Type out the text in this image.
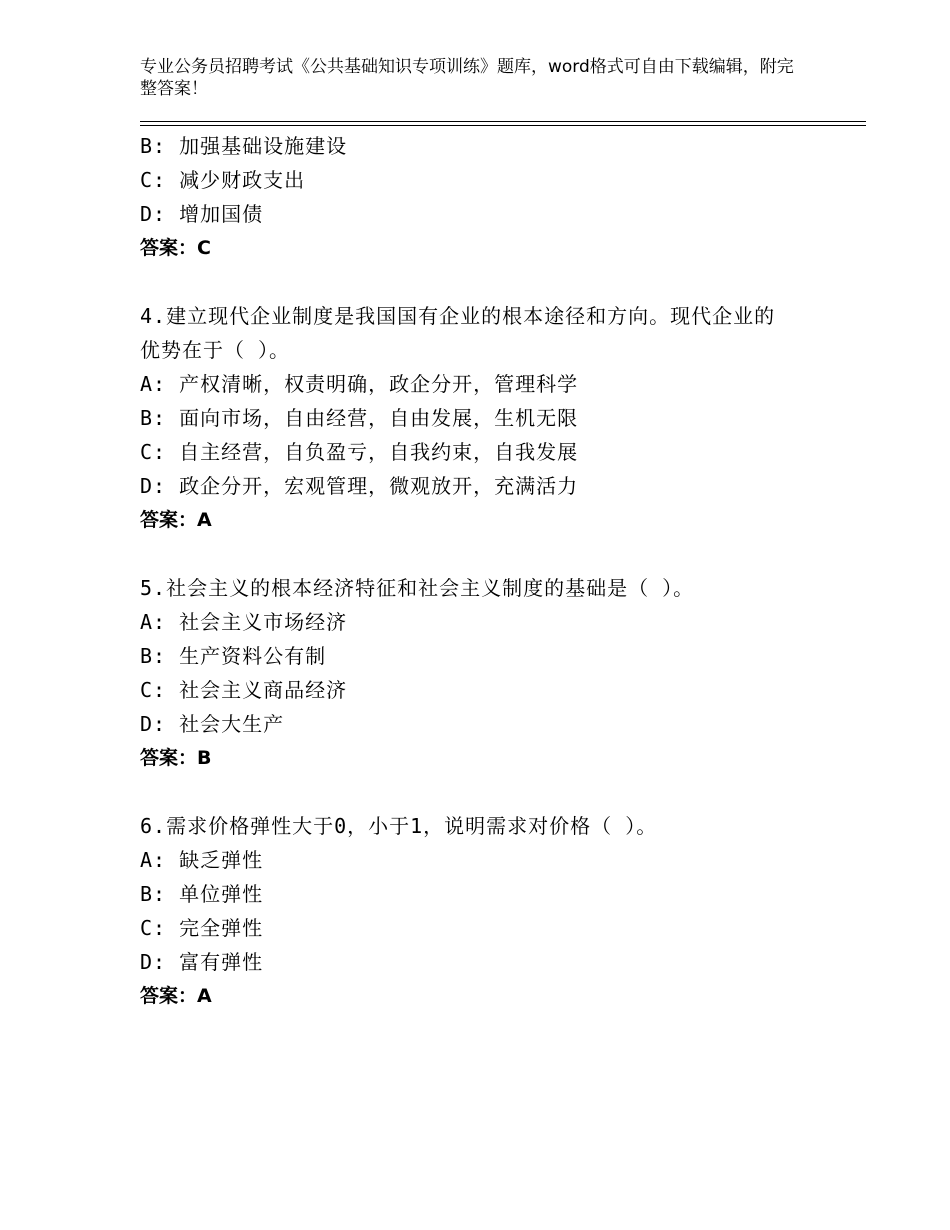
专业公务员招聘考试《公共基础知识专项训练》题库，word格式可自由下载编辑，附完整答案！
B: 加强基础设施建设
C: 减少财政支出
D: 增加国债
答案：C
4.建立现代企业制度是我国国有企业的根本途径和方向。现代企业的
优势在于（ ）。
A: 产权清晰，权责明确，政企分开，管理科学
B: 面向市场，自由经营，自由发展，生机无限
C: 自主经营，自负盈亏，自我约束，自我发展
D: 政企分开，宏观管理，微观放开，充满活力
答案：A
5.社会主义的根本经济特征和社会主义制度的基础是（ ）。
A: 社会主义市场经济
B: 生产资料公有制
C: 社会主义商品经济
D: 社会大生产
答案：B
6.需求价格弹性大于0，小于1，说明需求对价格（ ）。
A: 缺乏弹性
B: 单位弹性
C: 完全弹性
D: 富有弹性
答案：A
